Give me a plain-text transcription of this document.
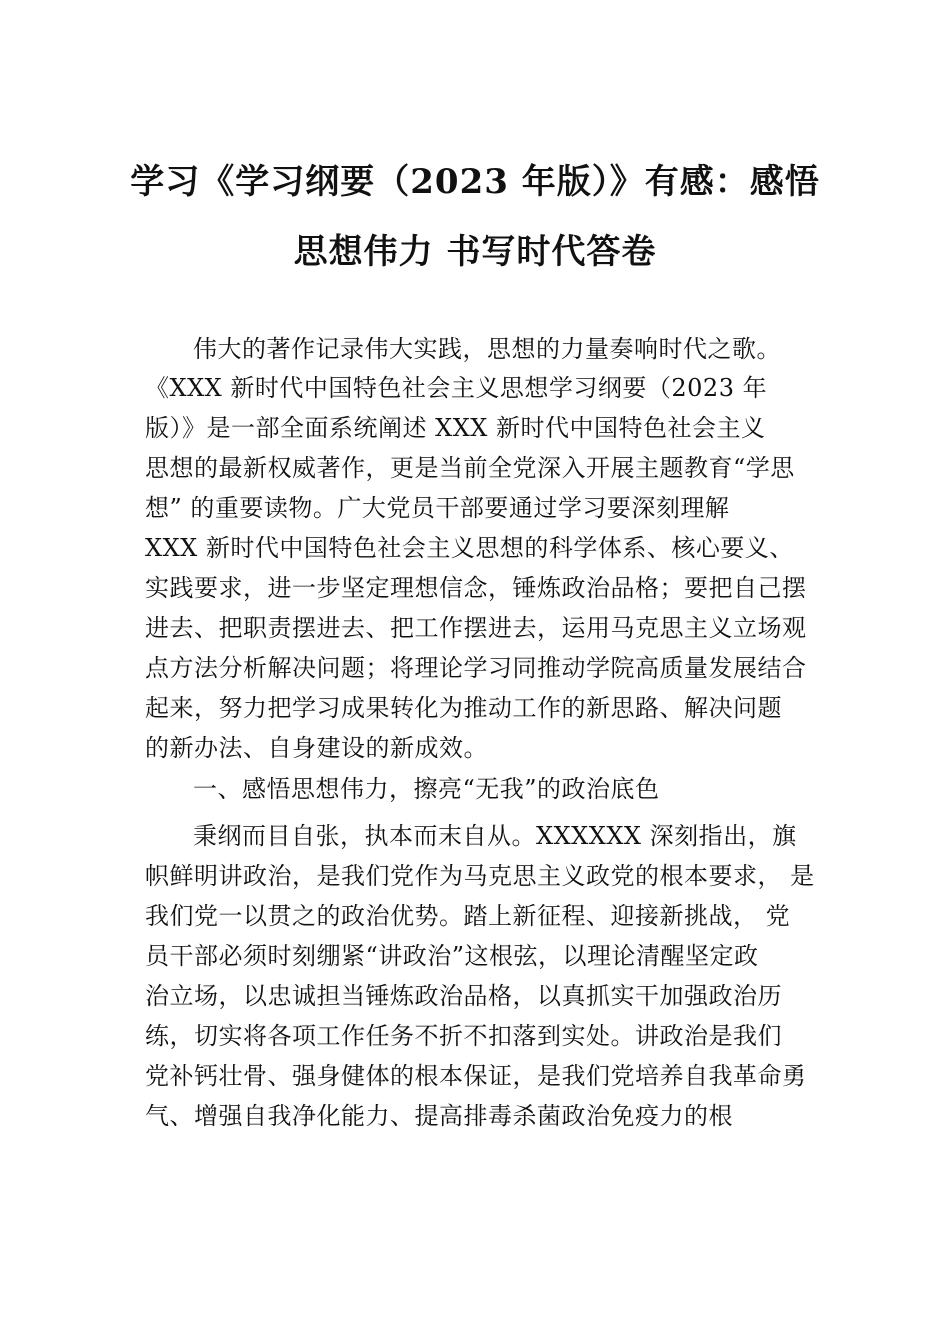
学习《学习纲要（2023 年版）》有感：感悟
思想伟力 书写时代答卷
伟大的著作记录伟大实践，思想的力量奏响时代之歌。
《XXX 新时代中国特色社会主义思想学习纲要（2023 年
版）》是一部全面系统阐述 XXX 新时代中国特色社会主义
思想的最新权威著作，更是当前全党深入开展主题教育“学思
想” 的重要读物。广大党员干部要通过学习要深刻理解
XXX 新时代中国特色社会主义思想的科学体系、核心要义、
实践要求，进一步坚定理想信念，锤炼政治品格；要把自己摆
进去、把职责摆进去、把工作摆进去，运用马克思主义立场观
点方法分析解决问题；将理论学习同推动学院高质量发展结合
起来，努力把学习成果转化为推动工作的新思路、解决问题
的新办法、自身建设的新成效。
一、感悟思想伟力，擦亮“无我”的政治底色
秉纲而目自张，执本而末自从。XXXXXX 深刻指出，旗
帜鲜明讲政治，是我们党作为马克思主义政党的根本要求， 是
我们党一以贯之的政治优势。踏上新征程、迎接新挑战， 党
员干部必须时刻绷紧“讲政治”这根弦，以理论清醒坚定政
治立场，以忠诚担当锤炼政治品格，以真抓实干加强政治历
练，切实将各项工作任务不折不扣落到实处。讲政治是我们
党补钙壮骨、强身健体的根本保证，是我们党培养自我革命勇
气、增强自我净化能力、提高排毒杀菌政治免疫力的根
